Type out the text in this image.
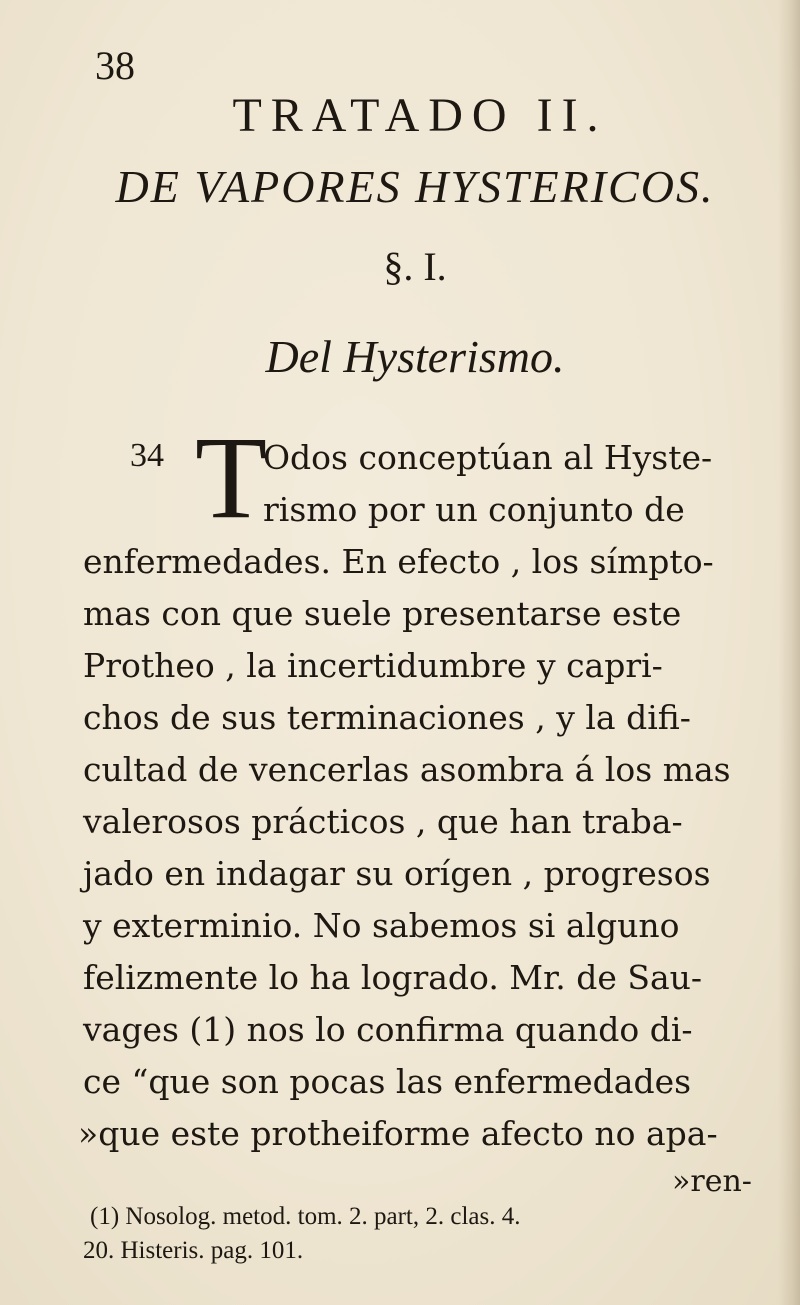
38
TRATADO II.
DE VAPORES HYSTERICOS.
§. I.
Del Hysterismo.
34 T
Odos conceptúan al Hyste-
rismo por un conjunto de
enfermedades. En efecto , los símpto-
mas con que suele presentarse este
Protheo , la incertidumbre y capri-
chos de sus terminaciones , y la difi-
cultad de vencerlas asombra á los mas
valerosos prácticos , que han traba-
jado en indagar su orígen , progresos
y exterminio. No sabemos si alguno
felizmente lo ha logrado. Mr. de Sau-
vages (1) nos lo confirma quando di-
ce “que son pocas las enfermedades
»que este protheiforme afecto no apa-
»ren-
(1) Nosolog. metod. tom. 2. part, 2. clas. 4.
20. Histeris. pag. 101.
